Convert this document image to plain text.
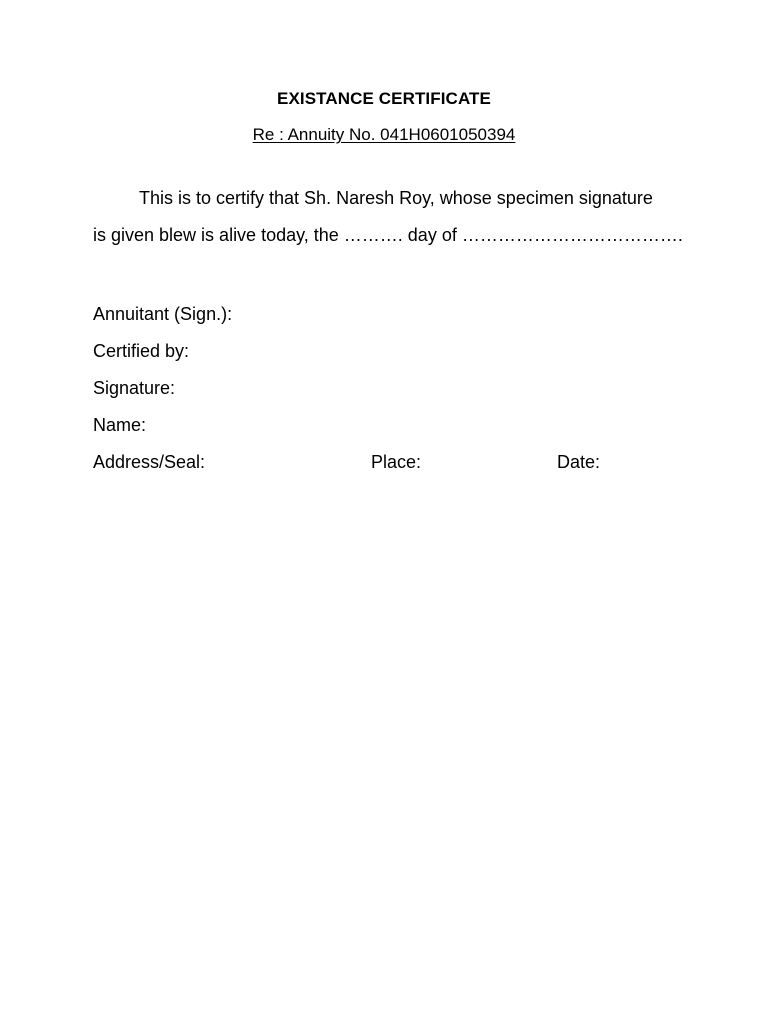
EXISTANCE CERTIFICATE
Re : Annuity No. 041H0601050394
This is to certify that Sh. Naresh Roy, whose specimen signature
is given blew is alive today, the ………. day of ……………………………….
Annuitant (Sign.):
Certified by:
Signature:
Name:
Address/Seal:	Place:	Date:
